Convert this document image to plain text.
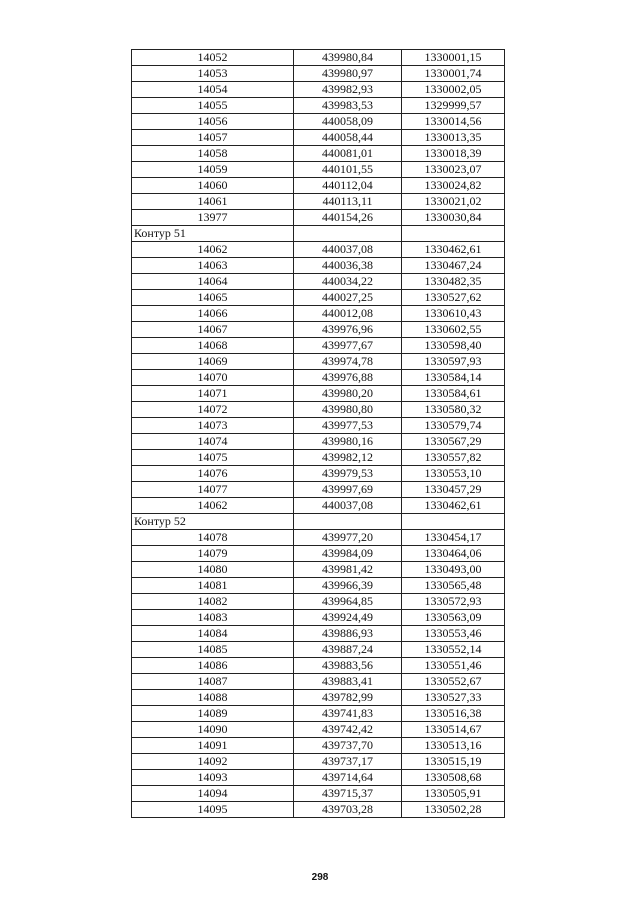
14052	439980,84	1330001,15
14053	439980,97	1330001,74
14054	439982,93	1330002,05
14055	439983,53	1329999,57
14056	440058,09	1330014,56
14057	440058,44	1330013,35
14058	440081,01	1330018,39
14059	440101,55	1330023,07
14060	440112,04	1330024,82
14061	440113,11	1330021,02
13977	440154,26	1330030,84
Контур 51		
14062	440037,08	1330462,61
14063	440036,38	1330467,24
14064	440034,22	1330482,35
14065	440027,25	1330527,62
14066	440012,08	1330610,43
14067	439976,96	1330602,55
14068	439977,67	1330598,40
14069	439974,78	1330597,93
14070	439976,88	1330584,14
14071	439980,20	1330584,61
14072	439980,80	1330580,32
14073	439977,53	1330579,74
14074	439980,16	1330567,29
14075	439982,12	1330557,82
14076	439979,53	1330553,10
14077	439997,69	1330457,29
14062	440037,08	1330462,61
Контур 52		
14078	439977,20	1330454,17
14079	439984,09	1330464,06
14080	439981,42	1330493,00
14081	439966,39	1330565,48
14082	439964,85	1330572,93
14083	439924,49	1330563,09
14084	439886,93	1330553,46
14085	439887,24	1330552,14
14086	439883,56	1330551,46
14087	439883,41	1330552,67
14088	439782,99	1330527,33
14089	439741,83	1330516,38
14090	439742,42	1330514,67
14091	439737,70	1330513,16
14092	439737,17	1330515,19
14093	439714,64	1330508,68
14094	439715,37	1330505,91
14095	439703,28	1330502,28
298
